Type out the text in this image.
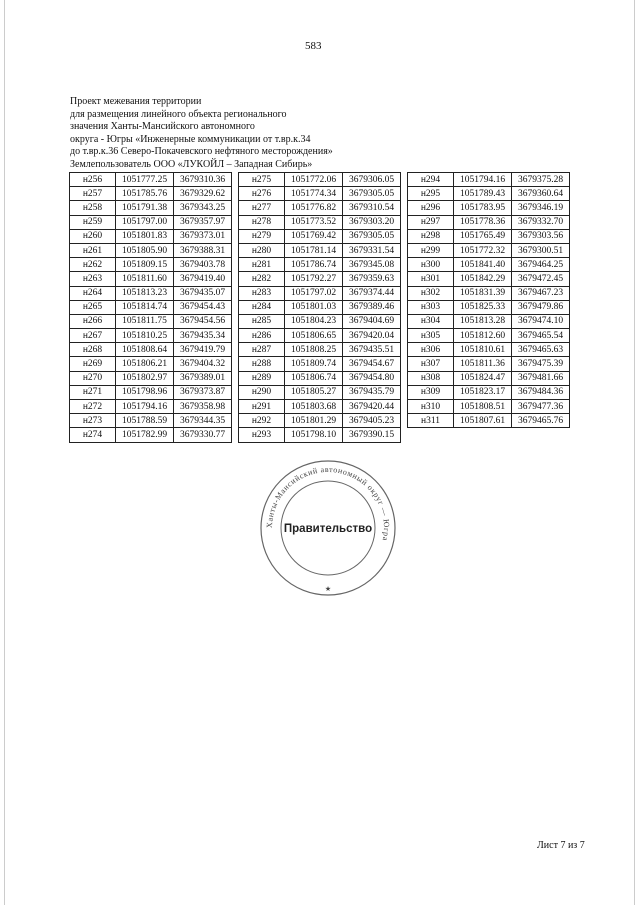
583
Проект межевания территории
для размещения линейного объекта регионального
значения Ханты-Мансийского автономного
округа - Югры «Инженерные коммуникации от т.вр.к.34
до т.вр.к.36 Северо-Покачевского нефтяного месторождения»
Землепользователь ООО «ЛУКОЙЛ – Западная Сибирь»
н256	1051777.25	3679310.36
н257	1051785.76	3679329.62
н258	1051791.38	3679343.25
н259	1051797.00	3679357.97
н260	1051801.83	3679373.01
н261	1051805.90	3679388.31
н262	1051809.15	3679403.78
н263	1051811.60	3679419.40
н264	1051813.23	3679435.07
н265	1051814.74	3679454.43
н266	1051811.75	3679454.56
н267	1051810.25	3679435.34
н268	1051808.64	3679419.79
н269	1051806.21	3679404.32
н270	1051802.97	3679389.01
н271	1051798.96	3679373.87
н272	1051794.16	3679358.98
н273	1051788.59	3679344.35
н274	1051782.99	3679330.77
н275	1051772.06	3679306.05
н276	1051774.34	3679305.05
н277	1051776.82	3679310.54
н278	1051773.52	3679303.20
н279	1051769.42	3679305.05
н280	1051781.14	3679331.54
н281	1051786.74	3679345.08
н282	1051792.27	3679359.63
н283	1051797.02	3679374.44
н284	1051801.03	3679389.46
н285	1051804.23	3679404.69
н286	1051806.65	3679420.04
н287	1051808.25	3679435.51
н288	1051809.74	3679454.67
н289	1051806.74	3679454.80
н290	1051805.27	3679435.79
н291	1051803.68	3679420.44
н292	1051801.29	3679405.23
н293	1051798.10	3679390.15
н294	1051794.16	3679375.28
н295	1051789.43	3679360.64
н296	1051783.95	3679346.19
н297	1051778.36	3679332.70
н298	1051765.49	3679303.56
н299	1051772.32	3679300.51
н300	1051841.40	3679464.25
н301	1051842.29	3679472.45
н302	1051831.39	3679467.23
н303	1051825.33	3679479.86
н304	1051813.28	3679474.10
н305	1051812.60	3679465.54
н306	1051810.61	3679465.63
н307	1051811.36	3679475.39
н308	1051824.47	3679481.66
н309	1051823.17	3679484.36
н310	1051808.51	3679477.36
н311	1051807.61	3679465.76
Ханты-Мансийский автономный округ — Югра
Правительство
★
Лист 7 из 7
